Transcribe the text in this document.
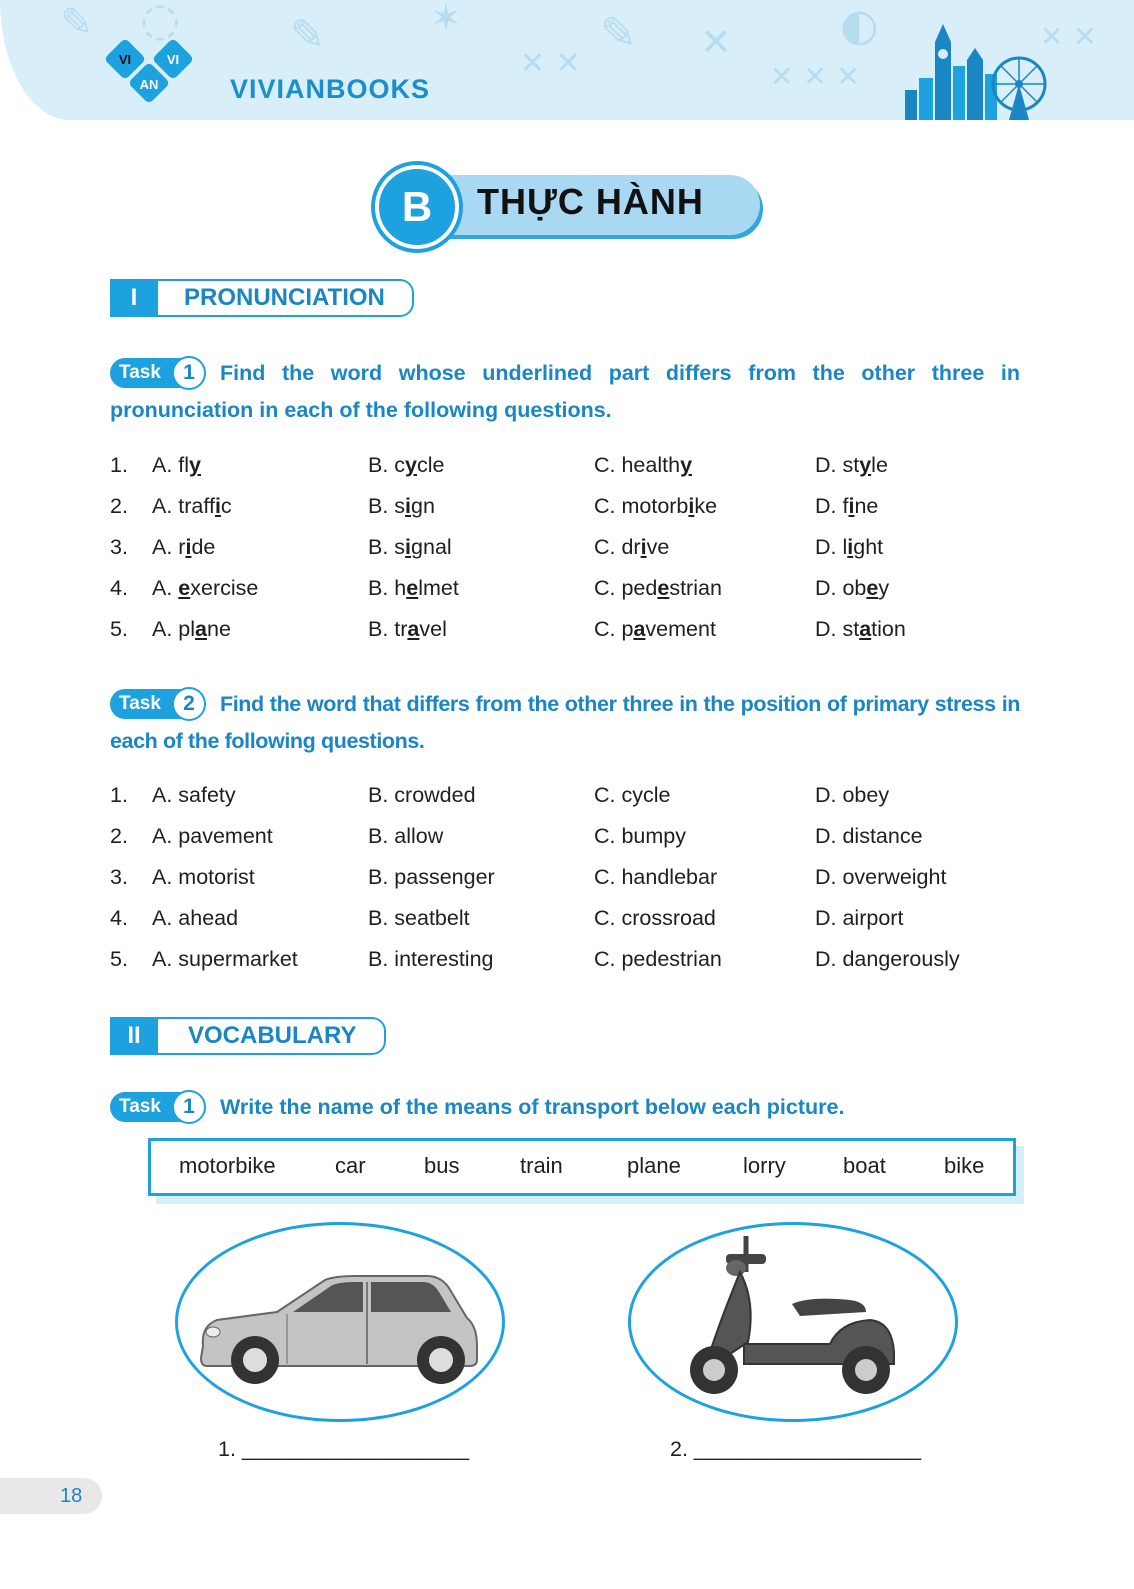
✎ ◌	✎	✶
✕ ✕
✎ ✕
✕ ✕ ✕
◐	✕ ✕
VI
AN
VI
VIVIANBOOKS
B	THỰC HÀNH
I	PRONUNCIATION
Task	1	Find the word whose underlined part differs from the other three in pronunciation in each of the following questions.
1. A. fly	B. cycle	C. healthy	D. style
2. A. traffic	B. sign	C. motorbike	D. fine
3. A. ride	B. signal	C. drive	D. light
4. A. exercise	B. helmet	C. pedestrian	D. obey
5. A. plane	B. travel	C. pavement	D. station
Task	2	Find the word that differs from the other three in the position of primary stress in each of the following questions.
1. A. safety	B. crowded	C. cycle	D. obey
2. A. pavement	B. allow	C. bumpy	D. distance
3. A. motorist	B. passenger	C. handlebar	D. overweight
4. A. ahead	B. seatbelt	C. crossroad	D. airport
5. A. supermarket	B. interesting	C. pedestrian	D. dangerously
II	VOCABULARY
Task	1	Write the name of the means of transport below each picture.
motorbike	car	bus	train	plane	lorry	boat	bike
1. ___________________	2. ___________________
18
